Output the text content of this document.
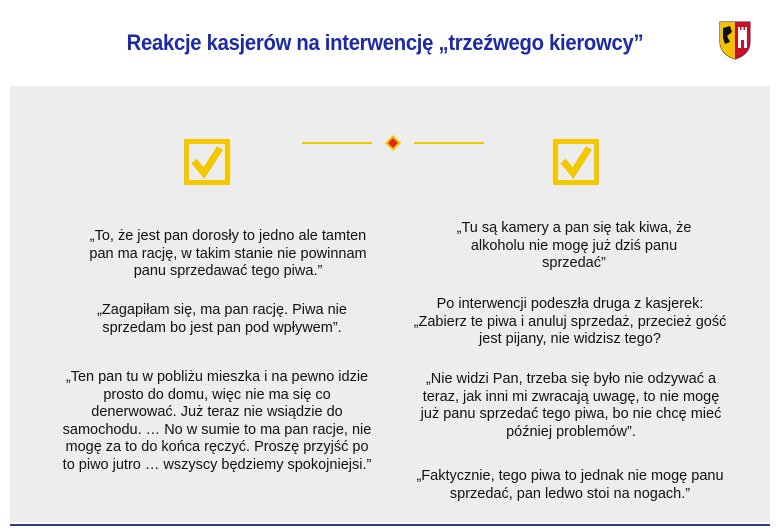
Reakcje kasjerów na interwencję „trzeźwego kierowcy”

„To, że jest pan dorosły to jedno ale tamten pan ma rację, w takim stanie nie powinnam panu sprzedawać tego piwa.”

„Zagapiłam się, ma pan rację. Piwa nie sprzedam bo jest pan pod wpływem”.

„Ten pan tu w pobliżu mieszka i na pewno idzie prosto do domu, więc nie ma się co denerwować. Już teraz nie wsiądzie do samochodu. … No w sumie to ma pan racje, nie mogę za to do końca ręczyć. Proszę przyjść po to piwo jutro … wszyscy będziemy spokojniejsi.”

„Tu są kamery a pan się tak kiwa, że alkoholu nie mogę już dziś panu sprzedać”

Po interwencji podeszła druga z kasjerek: „Zabierz te piwa i anuluj sprzedaż, przecież gość jest pijany, nie widzisz tego?

„Nie widzi Pan, trzeba się było nie odzywać a teraz, jak inni mi zwracają uwagę, to nie mogę już panu sprzedać tego piwa, bo nie chcę mieć później problemów”.

„Faktycznie, tego piwa to jednak nie mogę panu sprzedać, pan ledwo stoi na nogach.”
